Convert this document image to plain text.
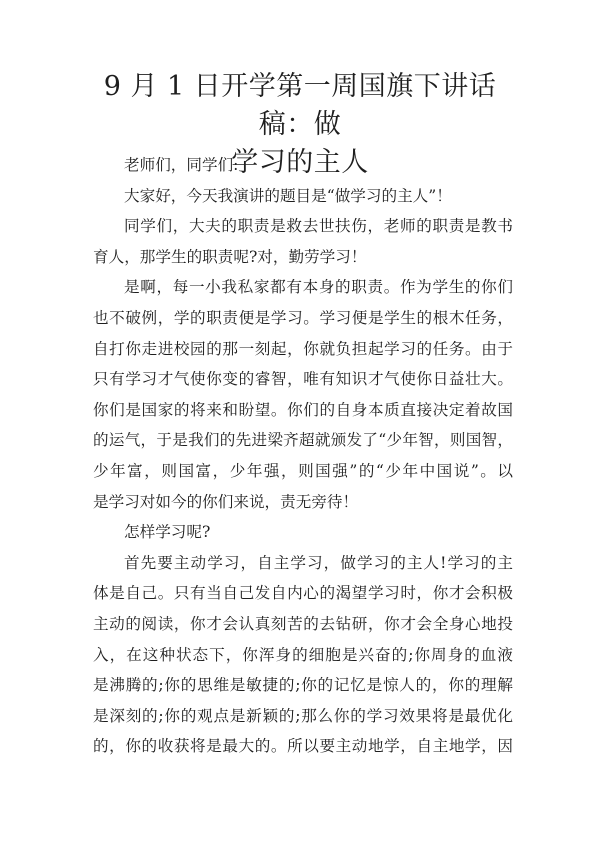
9 月 1 日开学第一周国旗下讲话稿：做
学习的主人
老师们，同学们:
大家好，今天我演讲的题目是“做学习的主人”！
同学们，大夫的职责是救去世扶伤，老师的职责是教书
育人，那学生的职责呢?对，勤劳学习！
是啊，每一小我私家都有本身的职责。作为学生的你们
也不破例，学的职责便是学习。学习便是学生的根木任务，
自打你走进校园的那一刻起，你就负担起学习的任务。由于
只有学习才气使你变的睿智，唯有知识才气使你日益壮大。
你们是国家的将来和盼望。你们的自身本质直接决定着故国
的运气，于是我们的先进梁齐超就颁发了“少年智，则国智，
少年富，则国富，少年强，则国强”的“少年中国说”。以
是学习对如今的你们来说，责无旁待！
怎样学习呢?
首先要主动学习，自主学习，做学习的主人!学习的主
体是自己。只有当自己发自内心的渴望学习时，你才会积极
主动的阅读，你才会认真刻苦的去钻研，你才会全身心地投
入，在这种状态下，你浑身的细胞是兴奋的;你周身的血液
是沸腾的;你的思维是敏捷的;你的记忆是惊人的，你的理解
是深刻的;你的观点是新颖的;那么你的学习效果将是最优化
的，你的收获将是最大的。所以要主动地学，自主地学，因
